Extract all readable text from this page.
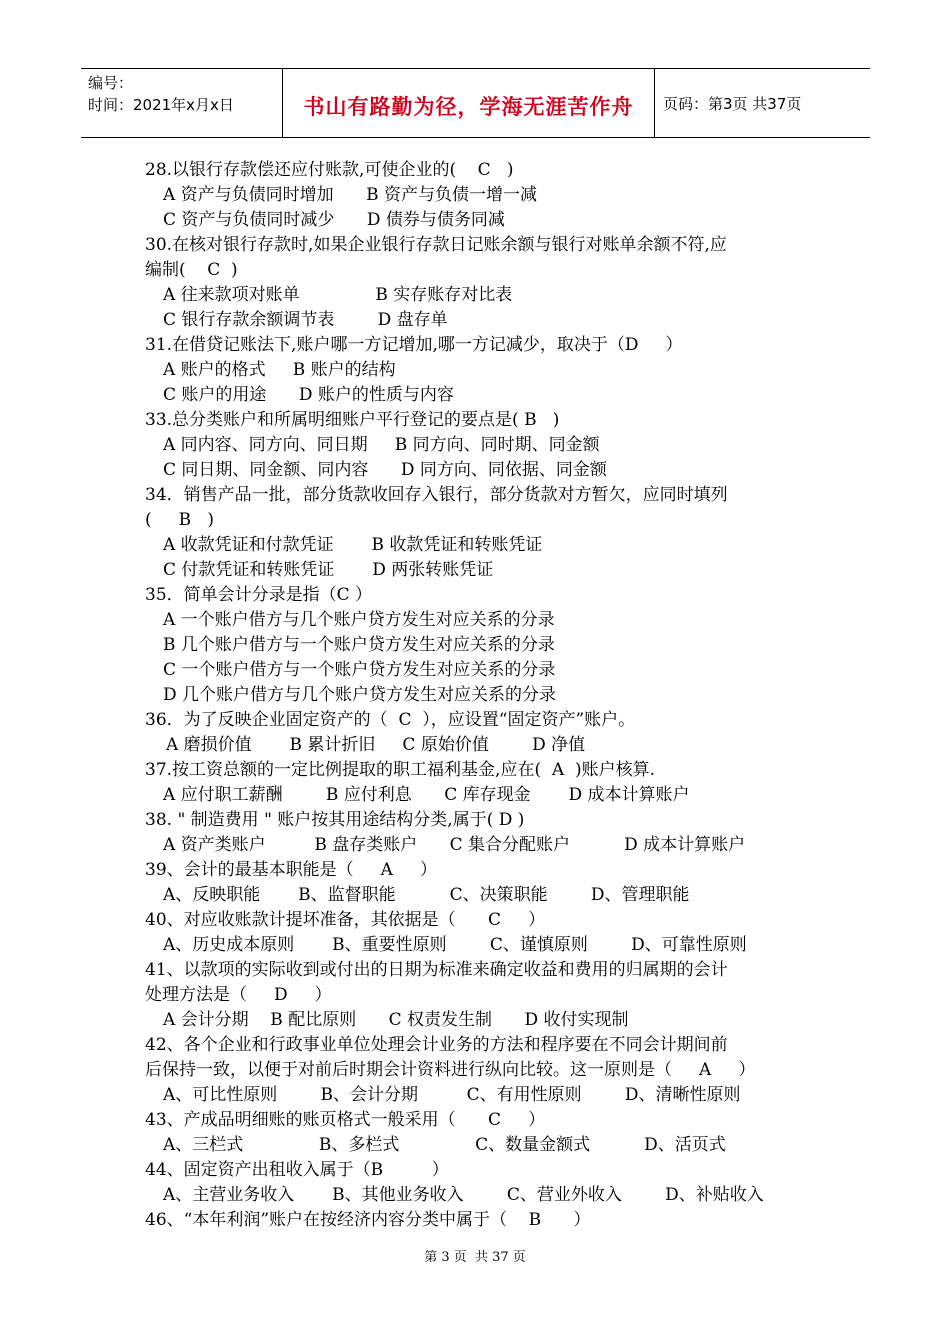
编号：
时间：2021年x月x日	书山有路勤为径，学海无涯苦作舟 页码：第3页 共37页
28.以银行存款偿还应付账款,可使企业的(    C   )
A 资产与负债同时增加      B 资产与负债一增一减
C 资产与负债同时减少      D 债券与债务同减
30.在核对银行存款时,如果企业银行存款日记账余额与银行对账单余额不符,应
编制(    C  )
A 往来款项对账单              B 实存账存对比表
C 银行存款余额调节表        D 盘存单
31.在借贷记账法下,账户哪一方记增加,哪一方记减少，取决于（D     ）
A 账户的格式     B 账户的结构
C 账户的用途      D 账户的性质与内容
33.总分类账户和所属明细账户平行登记的要点是( B   )
A 同内容、同方向、同日期     B 同方向、同时期、同金额
C 同日期、同金额、同内容      D 同方向、同依据、同金额
34．销售产品一批，部分货款收回存入银行，部分货款对方暂欠，应同时填列
(     B   )
A 收款凭证和付款凭证       B 收款凭证和转账凭证
C 付款凭证和转账凭证       D 两张转账凭证
35．简单会计分录是指（C ）
A 一个账户借方与几个账户贷方发生对应关系的分录
B 几个账户借方与一个账户贷方发生对应关系的分录
C 一个账户借方与一个账户贷方发生对应关系的分录
D 几个账户借方与几个账户贷方发生对应关系的分录
36．为了反映企业固定资产的（  C  ），应设置“固定资产”账户。
A 磨损价值       B 累计折旧     C 原始价值        D 净值
37.按工资总额的一定比例提取的职工福利基金,应在(  A  )账户核算.
A 应付职工薪酬        B 应付利息      C 库存现金       D 成本计算账户
38. " 制造费用 " 账户按其用途结构分类,属于( D )
A 资产类账户         B 盘存类账户      C 集合分配账户          D 成本计算账户
39、会计的最基本职能是（     A     ）
A、反映职能       B、监督职能          C、决策职能        D、管理职能
40、对应收账款计提坏准备，其依据是（      C     ）
A、历史成本原则       B、重要性原则        C、谨慎原则        D、可靠性原则
41、以款项的实际收到或付出的日期为标准来确定收益和费用的归属期的会计
处理方法是（     D     ）
A 会计分期    B 配比原则      C 权责发生制      D 收付实现制
42、各个企业和行政事业单位处理会计业务的方法和程序要在不同会计期间前
后保持一致，以便于对前后时期会计资料进行纵向比较。这一原则是（     A     ）
A、可比性原则        B、会计分期         C、有用性原则        D、清晰性原则
43、产成品明细账的账页格式一般采用（      C     ）
A、三栏式              B、多栏式              C、数量金额式          D、活页式
44、固定资产出租收入属于（B         ）
A、主营业务收入       B、其他业务收入        C、营业外收入        D、补贴收入
46、“本年利润”账户在按经济内容分类中属于（    B      ）
第 3 页  共 37 页
